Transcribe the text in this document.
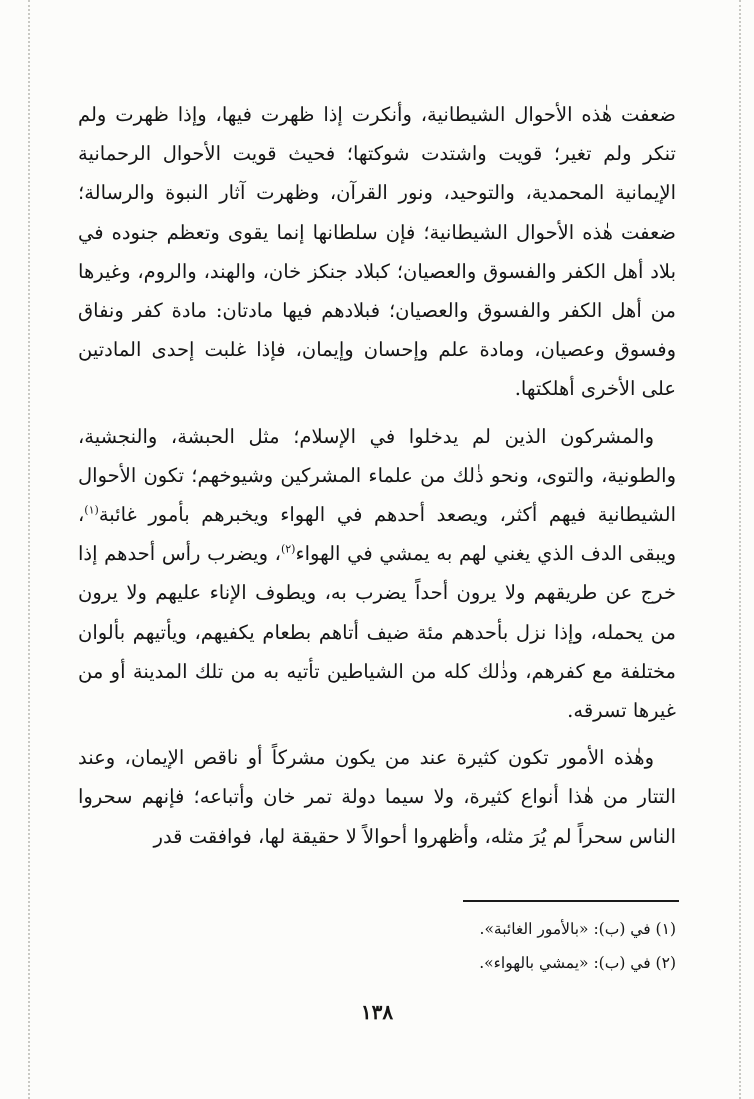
ضعفت هٰذه الأحوال الشيطانية، وأنكرت إذا ظهرت فيها، وإذا ظهرت ولم تنكر ولم تغير؛ قويت واشتدت شوكتها؛ فحيث قويت الأحوال الرحمانية الإيمانية المحمدية، والتوحيد، ونور القرآن، وظهرت آثار النبوة والرسالة؛ ضعفت هٰذه الأحوال الشيطانية؛ فإن سلطانها إنما يقوى وتعظم جنوده في بلاد أهل الكفر والفسوق والعصيان؛ كبلاد جنكز خان، والهند، والروم، وغيرها من أهل الكفر والفسوق والعصيان؛ فبلادهم فيها مادتان: مادة كفر ونفاق وفسوق وعصيان، ومادة علم وإحسان وإيمان، فإذا غلبت إحدى المادتين على الأخرى أهلكتها.

والمشركون الذين لم يدخلوا في الإسلام؛ مثل الحبشة، والنجشية، والطونية، والتوى، ونحو ذٰلك من علماء المشركين وشيوخهم؛ تكون الأحوال الشيطانية فيهم أكثر، ويصعد أحدهم في الهواء ويخبرهم بأمور غائبة$^{(١)}$، ويبقى الدف الذي يغني لهم به يمشي في الهواء$^{(٢)}$، ويضرب رأس أحدهم إذا خرج عن طريقهم ولا يرون أحداً يضرب به، ويطوف الإناء عليهم ولا يرون من يحمله، وإذا نزل بأحدهم مئة ضيف أتاهم بطعام يكفيهم، ويأتيهم بألوان مختلفة مع كفرهم، وذٰلك كله من الشياطين تأتيه به من تلك المدينة أو من غيرها تسرقه.

وهٰذه الأمور تكون كثيرة عند من يكون مشركاً أو ناقص الإيمان، وعند التتار من هٰذا أنواع كثيرة، ولا سيما دولة تمر خان وأتباعه؛ فإنهم سحروا الناس سحراً لم يُرَ مثله، وأظهروا أحوالاً لا حقيقة لها، فوافقت قدر

(١) في (ب): «بالأمور الغائبة».

(٢) في (ب): «يمشي بالهواء».

١٣٨
